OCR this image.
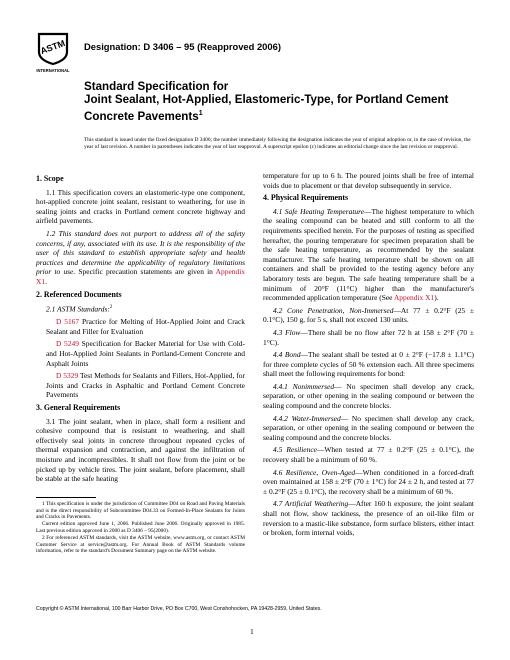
ASTM
INTERNATIONAL
Designation: D 3406 – 95 (Reapproved 2006)
Standard Specification for
Joint Sealant, Hot-Applied, Elastomeric-Type, for Portland Cement Concrete Pavements$^1$
This standard is issued under the fixed designation D 3406; the number immediately following the designation indicates the year of original adoption or, in the case of revision, the year of last revision. A number in parentheses indicates the year of last reapproval. A superscript epsilon (ε) indicates an editorial change since the last revision or reapproval.
1. Scope

1.1 This specification covers an elastomeric-type one component, hot-applied concrete joint sealant, resistant to weathering, for use in sealing joints and cracks in Portland cement concrete highway and airfield pavements.

1.2 This standard does not purport to address all of the safety concerns, if any, associated with its use. It is the responsibility of the user of this standard to establish appropriate safety and health practices and determine the applicability of regulatory limitations prior to use. Specific precaution statements are given in Appendix X1.

2. Referenced Documents

2.1 ASTM Standards:$^2$

D 5167 Practice for Melting of Hot-Applied Joint and Crack Sealant and Filler for Evaluation

D 5249 Specification for Backer Material for Use with Cold- and Hot-Applied Joint Sealants in Portland-Cement Concrete and Asphalt Joints

D 5329 Test Methods for Sealants and Fillers, Hot-Applied, for Joints and Cracks in Asphaltic and Portland Cement Concrete Pavements

3. General Requirements

3.1 The joint sealant, when in place, shall form a resilient and cohesive compound that is resistant to weathering, and shall effectively seal joints in concrete throughout repeated cycles of thermal expansion and contraction, and against the infiltration of moisture and incompressibles. It shall not flow from the joint or be picked up by vehicle tires. The joint sealant, before placement, shall be stable at the safe heating

1 This specification is under the jurisdiction of Committee D04 on Road and Paving Materials and is the direct responsibility of Subcommittee D04.33 on Formed-In-Place Sealants for Joints and Cracks in Pavements.

Current edition approved June 1, 2006. Published June 2006. Originally approved in 1985. Last previous edition approved in 2000 as D 3406 – 95(2000).

2 For referenced ASTM standards, visit the ASTM website, www.astm.org, or contact ASTM Customer Service at service@astm.org. For Annual Book of ASTM Standards volume information, refer to the standard's Document Summary page on the ASTM website.

temperature for up to 6 h. The poured joints shall be free of internal voids due to placement or that develop subsequently in service.

4. Physical Requirements

4.1 Safe Heating Temperature—The highest temperature to which the sealing compound can be heated and still conform to all the requirements specified herein. For the purposes of testing as specified hereafter, the pouring temperature for specimen preparation shall be the safe heating temperature, as recommended by the sealant manufacturer. The safe heating temperature shall be shown on all containers and shall be provided to the testing agency before any laboratory tests are begun. The safe heating temperature shall be a minimum of 20°F (11°C) higher than the manufacturer's recommended application temperature (See Appendix X1).

4.2 Cone Penetration, Non-Immersed—At 77 ± 0.2°F (25 ± 0.1°C), 150 g, for 5 s, shall not exceed 130 units.

4.3 Flow—There shall be no flow after 72 h at 158 ± 2°F (70 ± 1°C).

4.4 Bond—The sealant shall be tested at 0 ± 2°F (−17.8 ± 1.1°C) for three complete cycles of 50 % extension each. All three specimens shall meet the following requirements for bond:

4.4.1 Nonimmersed— No specimen shall develop any crack, separation, or other opening in the sealing compound or between the sealing compound and the concrete blocks.

4.4.2 Water-Immersed— No specimen shall develop any crack, separation, or other opening in the sealing compound or between the sealing compound and the concrete blocks.

4.5 Resilience—When tested at 77 ± 0.2°F (25 ± 0.1°C), the recovery shall be a minimum of 60 %.

4.6 Resilience, Oven-Aged—When conditioned in a forced-draft oven maintained at 158 ± 2°F (70 ± 1°C) for 24 ± 2 h, and tested at 77 ± 0.2°F (25 ± 0.1°C), the recovery shall be a minimum of 60 %.

4.7 Artificial Weathering—After 160 h exposure, the joint sealant shall not flow, show tackiness, the presence of an oil-like film or reversion to a mastic-like substance, form surface blisters, either intact or broken, form internal voids,

Copyright © ASTM International, 100 Barr Harbor Drive, PO Box C700, West Conshohocken, PA 19428-2959, United States.
1
